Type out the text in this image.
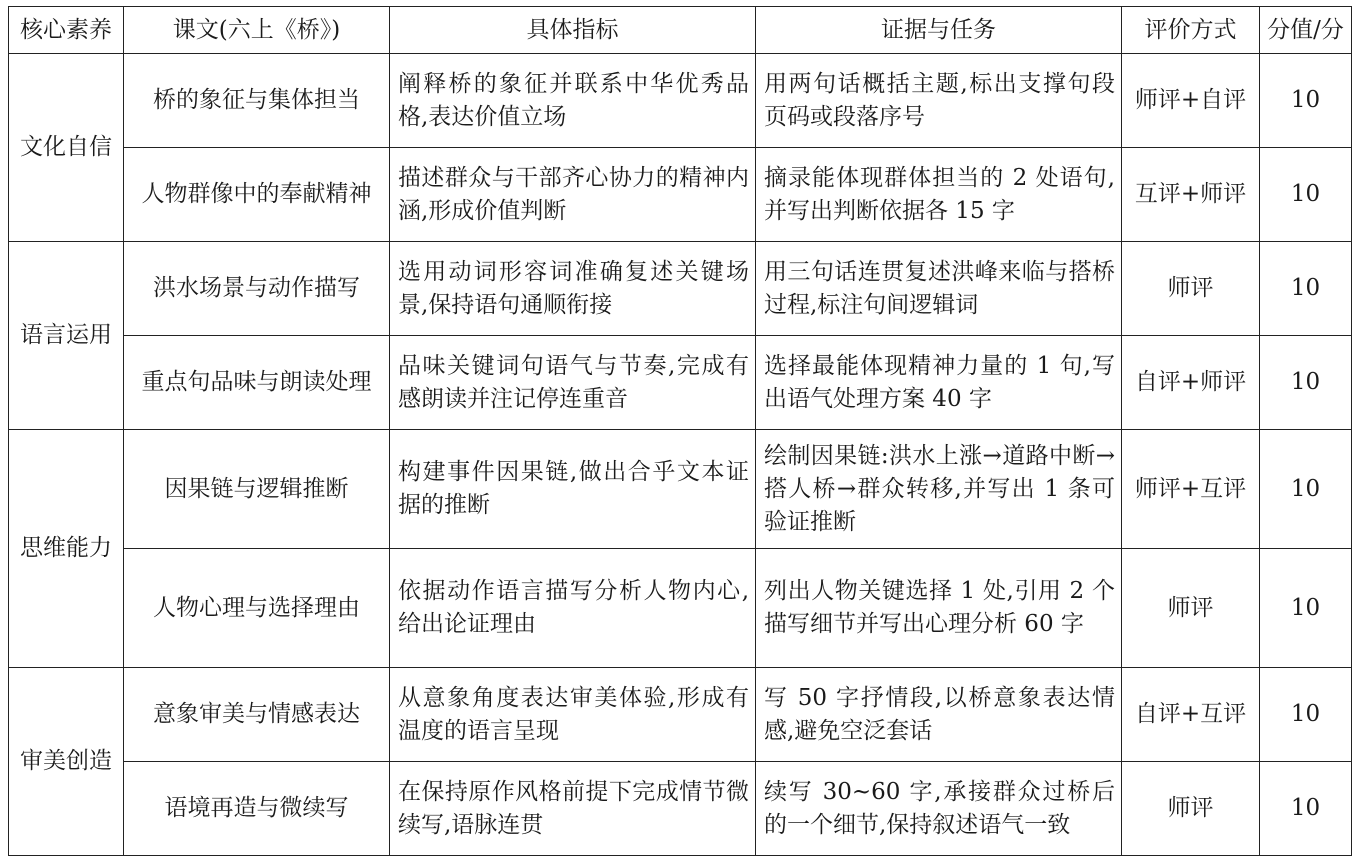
核心素养	课文(六上《桥》)	具体指标	证据与任务	评价方式	分值/分
文化自信	桥的象征与集体担当	阐释桥的象征并联系中华优秀品格,表达价值立场	用两句话概括主题,标出支撑句段页码或段落序号	师评+自评	10
	人物群像中的奉献精神	描述群众与干部齐心协力的精神内涵,形成价值判断	摘录能体现群体担当的 2 处语句,并写出判断依据各 15 字	互评+师评	10
语言运用	洪水场景与动作描写	选用动词形容词准确复述关键场景,保持语句通顺衔接	用三句话连贯复述洪峰来临与搭桥过程,标注句间逻辑词	师评	10
	重点句品味与朗读处理	品味关键词句语气与节奏,完成有感朗读并注记停连重音	选择最能体现精神力量的 1 句,写出语气处理方案 40 字	自评+师评	10
思维能力	因果链与逻辑推断	构建事件因果链,做出合乎文本证据的推断	绘制因果链:洪水上涨→道路中断→搭人桥→群众转移,并写出 1 条可验证推断	师评+互评	10
	人物心理与选择理由	依据动作语言描写分析人物内心,给出论证理由	列出人物关键选择 1 处,引用 2 个描写细节并写出心理分析 60 字	师评	10
审美创造	意象审美与情感表达	从意象角度表达审美体验,形成有温度的语言呈现	写 50 字抒情段,以桥意象表达情感,避免空泛套话	自评+互评	10
	语境再造与微续写	在保持原作风格前提下完成情节微续写,语脉连贯	续写 30~60 字,承接群众过桥后的一个细节,保持叙述语气一致	师评	10
